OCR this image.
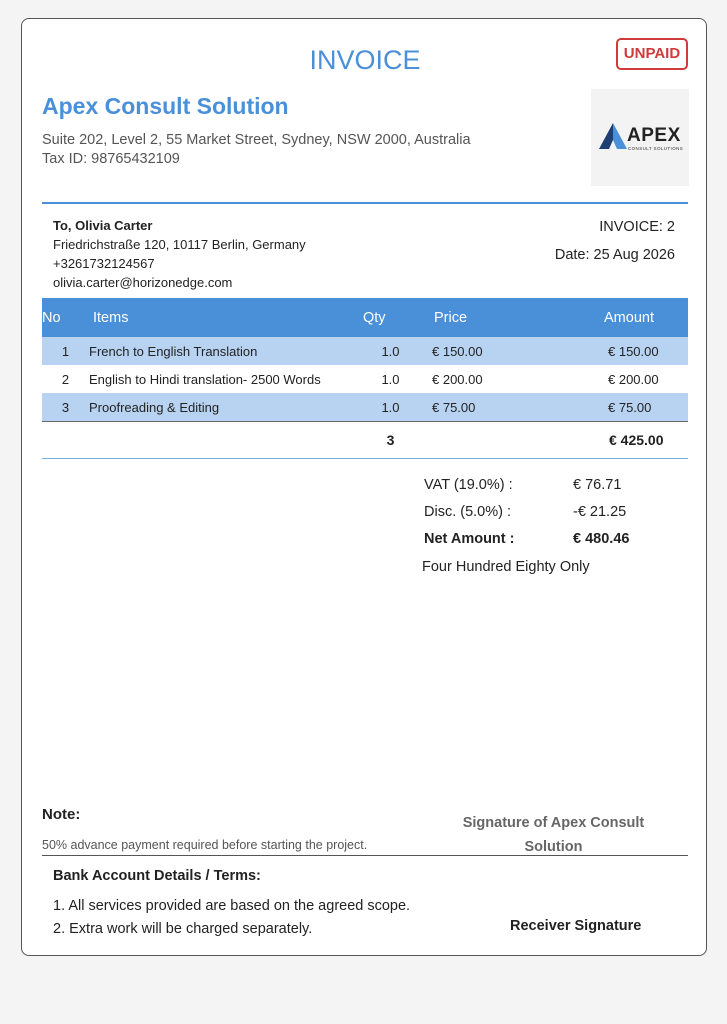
INVOICE	UNPAID
Apex Consult Solution
Suite 202, Level 2, 55 Market Street, Sydney, NSW 2000, Australia
Tax ID: 98765432109
APEX
CONSULT SOLUTIONS
To, Olivia Carter
Friedrichstraße 120, 10117 Berlin, Germany
+3261732124567
olivia.carter@horizonedge.com
INVOICE: 2
Date: 25 Aug 2026
No	Items	Qty	Price	Amount
1	French to English Translation	1.0	€ 150.00	€ 150.00
2	English to Hindi translation- 2500 Words	1.0	€ 200.00	€ 200.00
3	Proofreading & Editing	1.0	€ 75.00	€ 75.00
		3		€ 425.00
VAT (19.0%) :	€ 76.71
Disc. (5.0%) :	-€ 21.25
Net Amount :	€ 480.46
Four Hundred Eighty Only
Note:
50% advance payment required before starting the project.
Signature of Apex Consult
Solution
Bank Account Details / Terms:
1. All services provided are based on the agreed scope.
2. Extra work will be charged separately.	Receiver Signature
